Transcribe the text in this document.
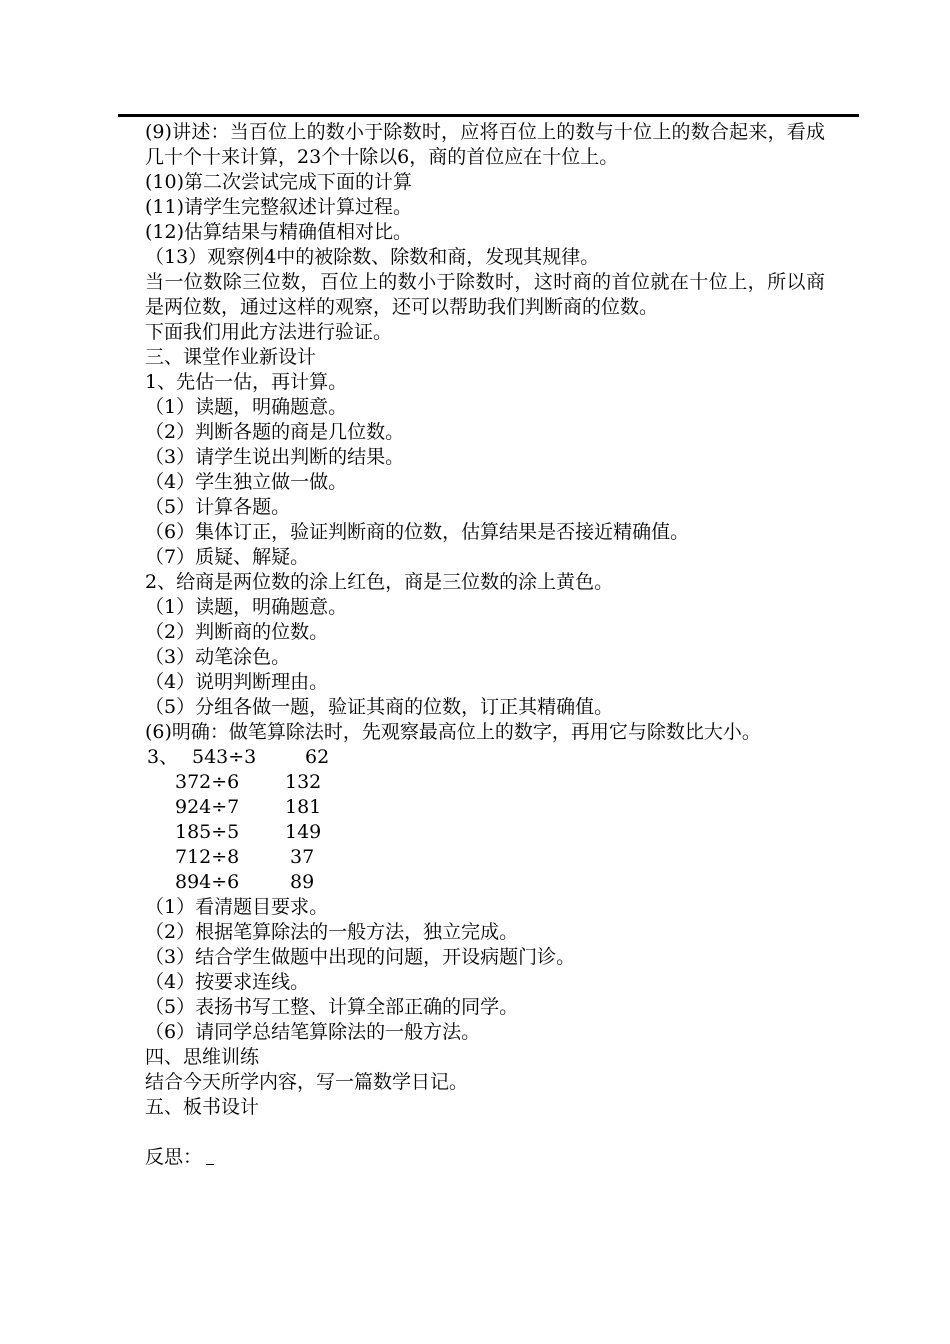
(9)讲述：当百位上的数小于除数时，应将百位上的数与十位上的数合起来，看成几十个十来计算，23个十除以6，商的首位应在十位上。
(10)第二次尝试完成下面的计算
(11)请学生完整叙述计算过程。
(12)估算结果与精确值相对比。
（13）观察例4中的被除数、除数和商，发现其规律。
当一位数除三位数，百位上的数小于除数时，这时商的首位就在十位上，所以商是两位数，通过这样的观察，还可以帮助我们判断商的位数。
下面我们用此方法进行验证。
三、课堂作业新设计
1、先估一估，再计算。
（1）读题，明确题意。
（2）判断各题的商是几位数。
（3）请学生说出判断的结果。
（4）学生独立做一做。
（5）计算各题。
（6）集体订正，验证判断商的位数，估算结果是否接近精确值。
（7）质疑、解疑。
2、给商是两位数的涂上红色，商是三位数的涂上黄色。
（1）读题，明确题意。
（2）判断商的位数。
（3）动笔涂色。
（4）说明判断理由。
（5）分组各做一题，验证其商的位数，订正其精确值。
(6)明确：做笔算除法时，先观察最高位上的数字，再用它与除数比大小。
3、 543÷3	62
372÷6 132
924÷7 181
185÷5 149
712÷8	37
894÷6	89
（1）看清题目要求。
（2）根据笔算除法的一般方法，独立完成。
（3）结合学生做题中出现的问题，开设病题门诊。
（4）按要求连线。
（5）表扬书写工整、计算全部正确的同学。
（6）请同学总结笔算除法的一般方法。
四、思维训练
结合今天所学内容，写一篇数学日记。
五、板书设计
反思：
